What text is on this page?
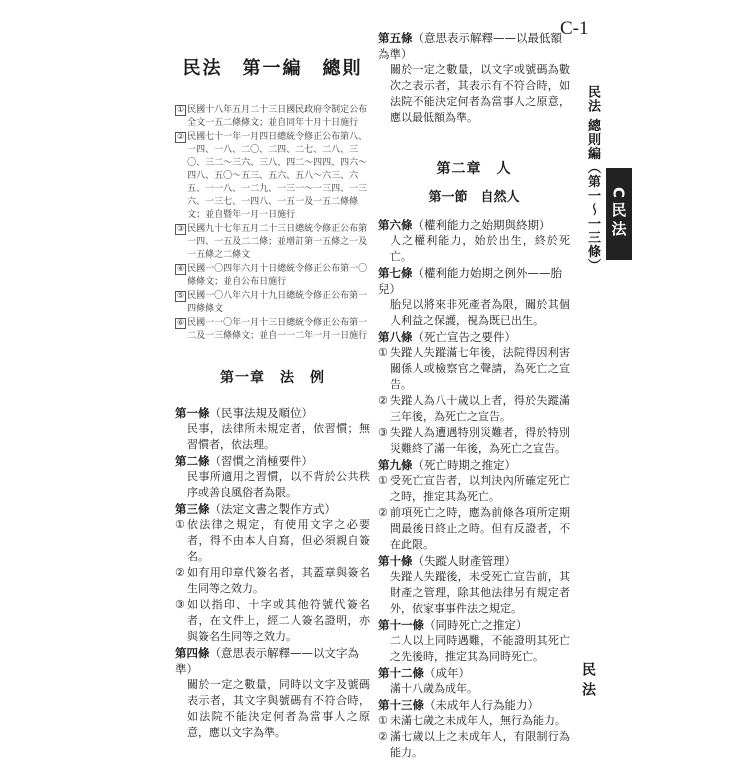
C-1
民法　第一編　總則
① 民國十八年五月二十三日國民政府令制定公布全文一五二條條文；並自同年十月十日施行
② 民國七十一年一月四日總統令修正公布第八、一四、一八、二〇、二四、二七、二八、三〇、三二～三六、三八、四二～四四、四六～四八、五〇～五三、五六、五八～六三、六五、一一八、一二九、一三一～一三四、一三六、一三七、一四八、一五一及一五二條條文；並自暨年一月一日施行
③ 民國九十七年五月二十三日總統令修正公布第一四、一五及二二條；並增訂第一五條之一及一五條之二條文
④ 民國一〇四年六月十日總統令修正公布第一〇條條文；並自公布日施行
⑤ 民國一〇八年六月十九日總統令修正公布第一四條條文
⑥ 民國一一〇年一月十三日總統令修正公布第一二及一三條條文；並自一一二年一月一日施行
第一章　法　例
第一條（民事法規及順位）
民事，法律所未規定者，依習慣；無習慣者，依法理。
第二條（習慣之消極要件）
民事所適用之習慣，以不背於公共秩序或善良風俗者為限。
第三條（法定文書之製作方式）
① 依法律之規定，有使用文字之必要者，得不由本人自寫，但必須親自簽名。
② 如有用印章代簽名者，其蓋章與簽名生同等之效力。
③ 如以指印、十字或其他符號代簽名者，在文件上，經二人簽名證明，亦與簽名生同等之效力。
第四條（意思表示解釋——以文字為準）
關於一定之數量，同時以文字及號碼表示者，其文字與號碼有不符合時，如法院不能決定何者為當事人之原意，應以文字為準。
第五條（意思表示解釋——以最低額為準）
關於一定之數量，以文字或號碼為數次之表示者，其表示有不符合時，如法院不能決定何者為當事人之原意，應以最低額為準。
第二章　人
第一節　自然人
第六條（權利能力之始期與終期）
人之權利能力，始於出生，終於死亡。
第七條（權利能力始期之例外——胎兒）
胎兒以將來非死產者為限，關於其個人利益之保護，視為既已出生。
第八條（死亡宣告之要件）
① 失蹤人失蹤滿七年後，法院得因利害關係人或檢察官之聲請，為死亡之宣告。
② 失蹤人為八十歲以上者，得於失蹤滿三年後，為死亡之宣告。
③ 失蹤人為遭遇特別災難者，得於特別災難終了滿一年後，為死亡之宣告。
第九條（死亡時期之推定）
① 受死亡宣告者，以判決內所確定死亡之時，推定其為死亡。
② 前項死亡之時，應為前條各項所定期間最後日終止之時。但有反證者，不在此限。
第十條（失蹤人財產管理）
失蹤人失蹤後，未受死亡宣告前，其財產之管理，除其他法律另有規定者外，依家事事件法之規定。
第十一條（同時死亡之推定）
二人以上同時遇難，不能證明其死亡之先後時，推定其為同時死亡。
第十二條（成年）
滿十八歲為成年。
第十三條（未成年人行為能力）
① 未滿七歲之未成年人，無行為能力。
② 滿七歲以上之未成年人，有限制行為能力。
民法 總則編（第一～一三條） C民法
民法
